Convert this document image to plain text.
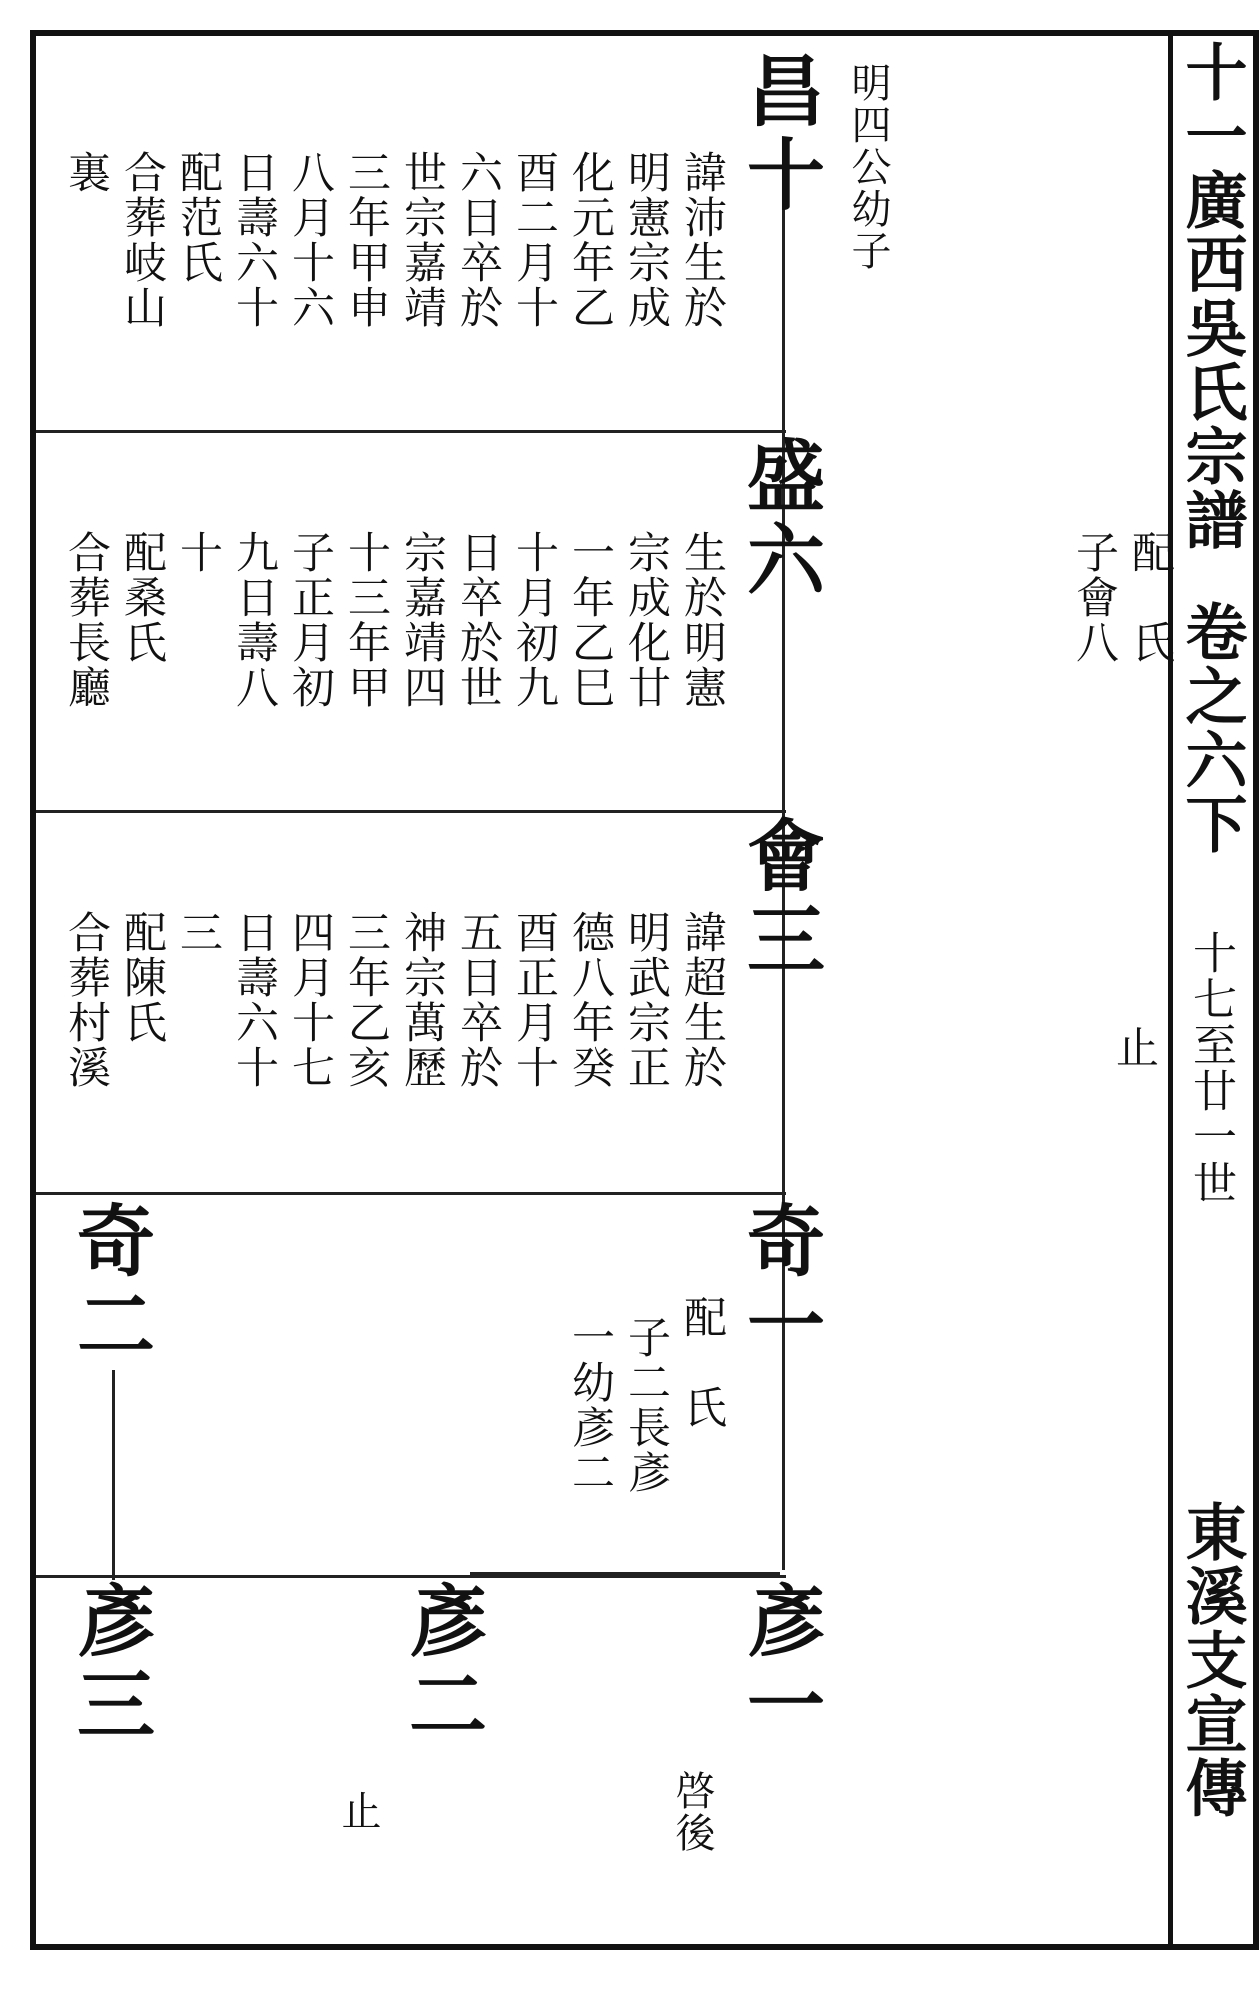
十一廣西吳氏宗譜
卷之六下
十七至廿一世
東溪支宣傳
明四公幼子
昌十
諱沛生於
明憲宗成
化元年乙
酉二月十
六日卒於
世宗嘉靖
三年甲申
八月十六
日壽六十
配范氏
合葬岐山
裏
盛六
生於明憲
宗成化廿
一年乙巳
十月初九
日卒於世
宗嘉靖四
十三年甲
子正月初
九日壽八
十
配桑氏
合葬長廳
會三
諱超生於
明武宗正
德八年癸
酉正月十
五日卒於
神宗萬歷
三年乙亥
四月十七
日壽六十
三
配陳氏
合葬村溪
奇一
配　氏
子二長彥
一幼彥二
奇二
彥一
啓後
彥二
止
彥三
配　氏
子會八
止
